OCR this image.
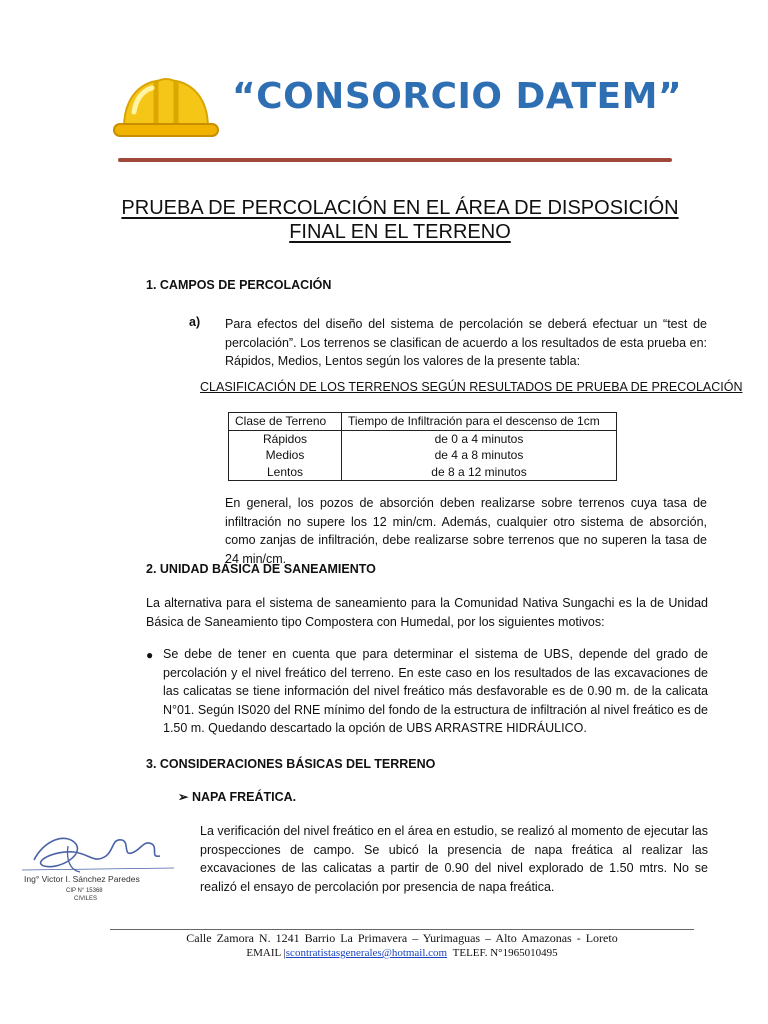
“CONSORCIO DATEM”
PRUEBA DE PERCOLACIÓN EN EL ÁREA DE DISPOSICIÓN
FINAL EN EL TERRENO
1. CAMPOS DE PERCOLACIÓN
a) Para efectos del diseño del sistema de percolación se deberá efectuar un “test de percolación”. Los terrenos se clasifican de acuerdo a los resultados de esta prueba en: Rápidos, Medios, Lentos según los valores de la presente tabla:
CLASIFICACIÓN DE LOS TERRENOS SEGÚN RESULTADOS DE PRUEBA DE PRECOLACIÓN
Clase de Terreno	Tiempo de Infiltración para el descenso de 1cm
Rápidos	de 0 a 4 minutos
Medios	de 4 a 8 minutos
Lentos	de 8 a 12 minutos
En general, los pozos de absorción deben realizarse sobre terrenos cuya tasa de infiltración no supere los 12 min/cm. Además, cualquier otro sistema de absorción, como zanjas de infiltración, debe realizarse sobre terrenos que no superen la tasa de 24 min/cm.
2. UNIDAD BÁSICA DE SANEAMIENTO
La alternativa para el sistema de saneamiento para la Comunidad Nativa Sungachi es la de Unidad Básica de Saneamiento tipo Compostera con Humedal, por los siguientes motivos:
● Se debe de tener en cuenta que para determinar el sistema de UBS, depende del grado de percolación y el nivel freático del terreno. En este caso en los resultados de las excavaciones de las calicatas se tiene información del nivel freático más desfavorable es de 0.90 m. de la calicata N°01. Según IS020 del RNE mínimo del fondo de la estructura de infiltración al nivel freático es de 1.50 m. Quedando descartado la opción de UBS ARRASTRE HIDRÁULICO.
3. CONSIDERACIONES BÁSICAS DEL TERRENO
➢ NAPA FREÁTICA.
La verificación del nivel freático en el área en estudio, se realizó al momento de ejecutar las prospecciones de campo. Se ubicó la presencia de napa freática al realizar las excavaciones de las calicatas a partir de 0.90 del nivel explorado de 1.50 mtrs. No se realizó el ensayo de percolación por presencia de napa freática.
Ing° Victor I. Sánchez Paredes
CIP N° 15368
CIVILES
Calle Zamora N. 1241 Barrio La Primavera – Yurimaguas – Alto Amazonas - Loreto
EMAIL |scontratistasgenerales@hotmail.com TELEF. N°1965010495
